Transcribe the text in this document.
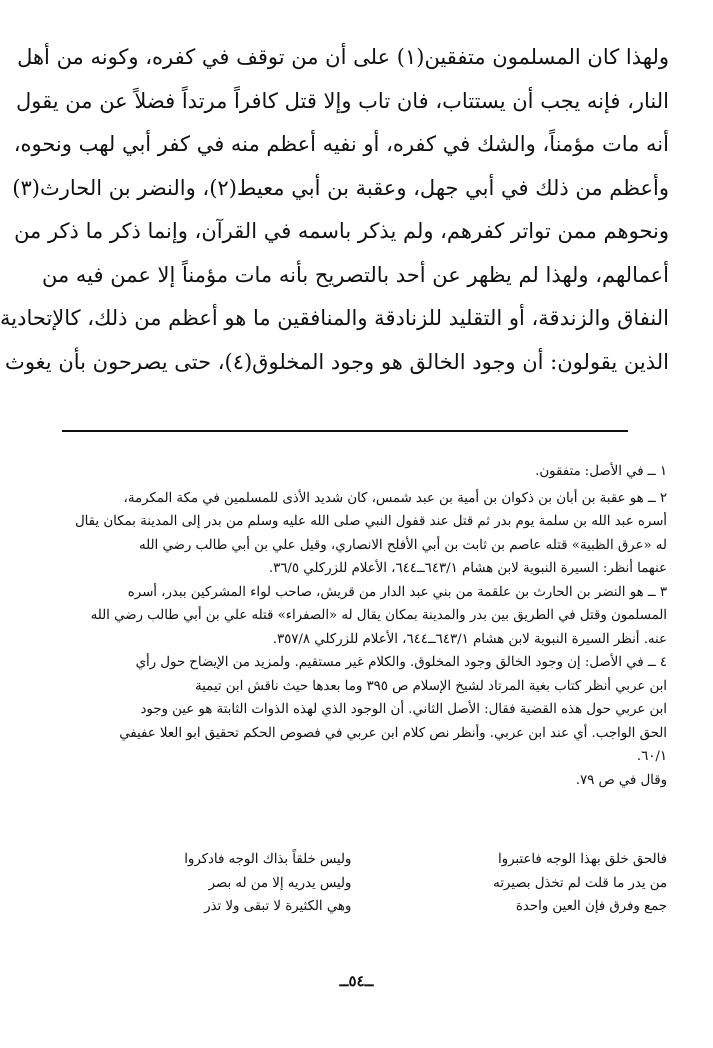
ولهذا كان المسلمون متفقين(١) على أن من توقف في كفره، وكونه من أهل
النار، فإنه يجب أن يستتاب، فان تاب وإلا قتل كافراً مرتداً فضلاً عن من يقول
أنه مات مؤمناً، والشك في كفره، أو نفيه أعظم منه في كفر أبي لهب ونحوه،
وأعظم من ذلك في أبي جهل، وعقبة بن أبي معيط(٢)، والنضر بن الحارث(٣)
ونحوهم ممن تواتر كفرهم، ولم يذكر باسمه في القرآن، وإنما ذكر ما ذكر من
أعمالهم، ولهذا لم يظهر عن أحد بالتصريح بأنه مات مؤمناً إلا عمن فيه من
النفاق والزندقة، أو التقليد للزنادقة والمنافقين ما هو أعظم من ذلك، كالإتحادية
الذين يقولون: أن وجود الخالق هو وجود المخلوق(٤)، حتى يصرحون بأن يغوث
١ ــ في الأصل: متفقون.
٢ ــ هو عقبة بن أبان بن ذكوان بن أمية بن عبد شمس، كان شديد الأذى للمسلمين في مكة المكرمة،
أسره عبد الله بن سلمة يوم بدر ثم قتل عند قفول النبي صلى الله عليه وسلم من بدر إلى المدينة بمكان يقال
له «عرق الظبية» قتله عاصم بن ثابت بن أبي الأفلح الانصاري، وقيل علي بن أبي طالب رضي الله
عنهما أنظر: السيرة النبوية لابن هشام ٦٤٣/١ــ٦٤٤، الأعلام للزركلي ٣٦/٥.
٣ ــ هو النضر بن الحارث بن علقمة من بني عبد الدار من قريش، صاحب لواء المشركين ببدر، أسره
المسلمون وقتل في الطريق بين بدر والمدينة بمكان يقال له «الصفراء» قتله علي بن أبي طالب رضي الله
عنه. أنظر السيرة النبوية لابن هشام ٦٤٣/١ــ٦٤٤، الأعلام للزركلي ٣٥٧/٨.
٤ ــ في الأصل: إن وجود الخالق وجود المخلوق. والكلام غير مستقيم. ولمزيد من الإيضاح حول رأي
ابن عربي أنظر كتاب بغية المرتاد لشيخ الإسلام ص ٣٩٥ وما بعدها حيث ناقش ابن تيمية
ابن عربي حول هذه القضية فقال: الأصل الثاني. أن الوجود الذي لهذه الذوات الثابتة هو عين وجود
الحق الواجب. أي عند ابن عربي. وأنظر نص كلام ابن عربي في فصوص الحكم تحقيق ابو العلا عفيفي
٦٠/١.
وقال في ص ٧٩.
فالحق خلق بهذا الوجه فاعتبروا
وليس خلقاً بذاك الوجه فادكروا
من يدر ما قلت لم تخذل بصيرته
وليس يدريه إلا من له بصر
جمع وفرق فإن العين واحدة
وهي الكثيرة لا تبقى ولا تذر
ــ٥٤ــ
